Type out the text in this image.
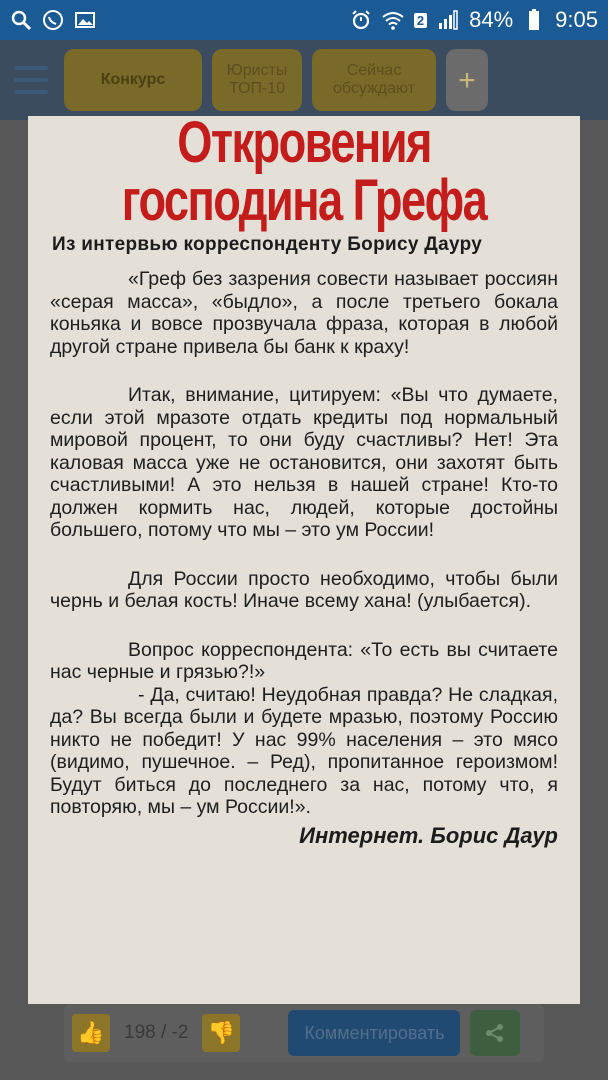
2 84% 9:05
Конкурс
Юристы ТОП-10
Сейчас обсуждают	+
Откровения
господина Грефа
Из интервью корреспонденту Борису Дауру

«Греф без зазрения совести называет россиян «серая масса», «быдло», а после третьего бокала коньяка и вовсе прозвучала фраза, которая в любой другой стране привела бы банк к краху!

Итак, внимание, цитируем: «Вы что думаете, если этой мразоте отдать кредиты под нормальный мировой процент, то они буду счастливы? Нет! Эта каловая масса уже не остановится, они захотят быть счастливыми! А это нельзя в нашей стране! Кто-то должен кормить нас, людей, которые достойны большего, потому что мы – это ум России!

Для России просто необходимо, чтобы были чернь и белая кость! Иначе всему хана! (улыбается).

Вопрос корреспондента: «То есть вы считаете нас черные и грязью?!»

- Да, считаю! Неудобная правда? Не сладкая, да? Вы всегда были и будете мразью, поэтому Россию никто не победит! У нас 99% населения – это мясо (видимо, пушечное. – Ред), пропитанное героизмом! Будут биться до последнего за нас, потому что, я повторяю, мы – ум России!».

Интернет. Борис Даур
👍 198 / -2 👎	Комментировать
